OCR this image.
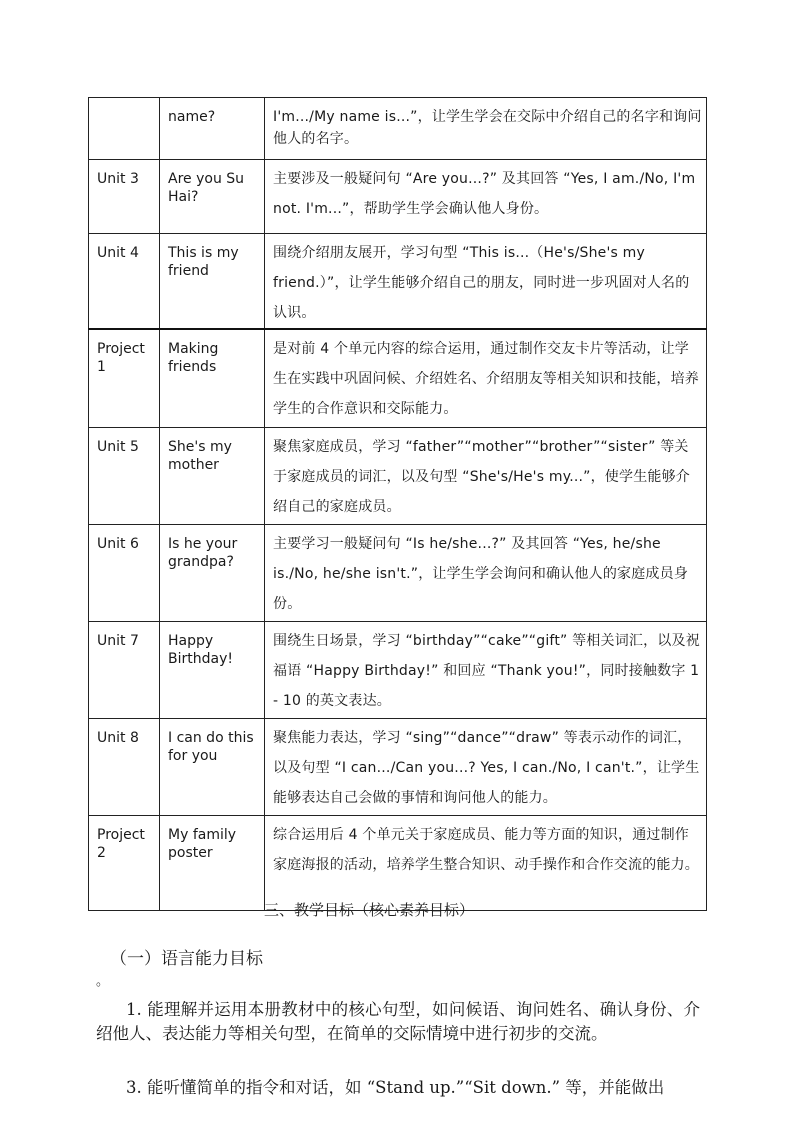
	name?	I'm.../My name is...”，让学生学会在交际中介绍自己的名字和询问他人的名字。

Unit 3	Are you Su Hai?	主要涉及一般疑问句 “Are you...?” 及其回答 “Yes, I am./No, I'm not. I'm...”，帮助学生学会确认他人身份。

Unit 4	This is my friend	围绕介绍朋友展开，学习句型 “This is...（He's/She's my friend.）”，让学生能够介绍自己的朋友，同时进一步巩固对人名的认识。

Project 1	Making friends	是对前 4 个单元内容的综合运用，通过制作交友卡片等活动，让学生在实践中巩固问候、介绍姓名、介绍朋友等相关知识和技能，培养学生的合作意识和交际能力。

Unit 5	She's my mother	聚焦家庭成员，学习 “father”“mother”“brother”“sister” 等关于家庭成员的词汇，以及句型 “She's/He's my...”，使学生能够介绍自己的家庭成员。

Unit 6	Is he your grandpa?	主要学习一般疑问句 “Is he/she...?” 及其回答 “Yes, he/she is./No, he/she isn't.”，让学生学会询问和确认他人的家庭成员身份。

Unit 7	Happy Birthday!	围绕生日场景，学习 “birthday”“cake”“gift” 等相关词汇，以及祝福语 “Happy Birthday!” 和回应 “Thank you!”，同时接触数字 1 - 10 的英文表达。

Unit 8	I can do this for you	聚焦能力表达，学习 “sing”“dance”“draw” 等表示动作的词汇，以及句型 “I can.../Can you...? Yes, I can./No, I can't.”，让学生能够表达自己会做的事情和询问他人的能力。

Project 2	My family poster	综合运用后 4 个单元关于家庭成员、能力等方面的知识，通过制作家庭海报的活动，培养学生整合知识、动手操作和合作交流的能力。
三、教学目标（核心素养目标）
（一）语言能力目标
。
1. 能理解并运用本册教材中的核心句型，如问候语、询问姓名、确认身份、介绍他人、表达能力等相关句型，在简单的交际情境中进行初步的交流。
3. 能听懂简单的指令和对话，如 “Stand up.”“Sit down.” 等，并能做出
